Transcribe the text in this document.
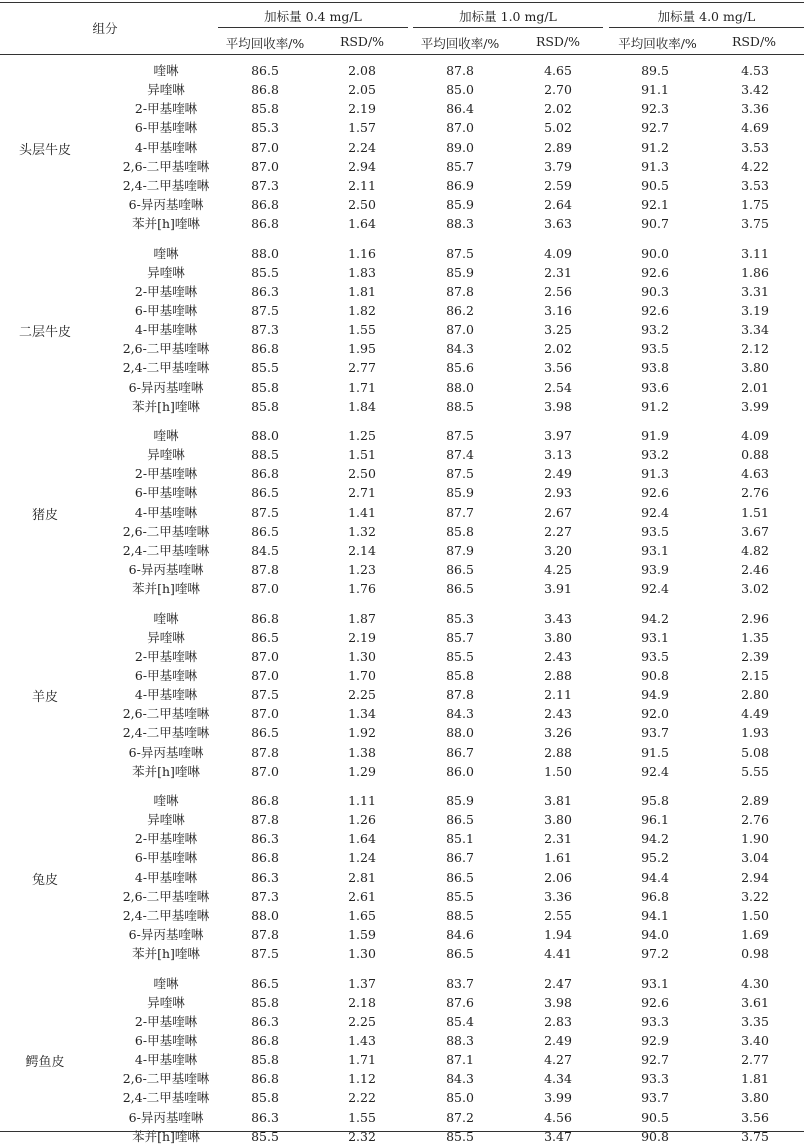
组分
加标量 0.4 mg/L	加标量 1.0 mg/L	加标量 4.0 mg/L
平均回收率/%	RSD/%	平均回收率/%	RSD/%	平均回收率/%	RSD/%
头层牛皮
喹啉	86.5	2.08	87.8	4.65	89.5	4.53
异喹啉	86.8	2.05	85.0	2.70	91.1	3.42
2-甲基喹啉	85.8	2.19	86.4	2.02	92.3	3.36
6-甲基喹啉	85.3	1.57	87.0	5.02	92.7	4.69
4-甲基喹啉	87.0	2.24	89.0	2.89	91.2	3.53
2,6-二甲基喹啉	87.0	2.94	85.7	3.79	91.3	4.22
2,4-二甲基喹啉	87.3	2.11	86.9	2.59	90.5	3.53
6-异丙基喹啉	86.8	2.50	85.9	2.64	92.1	1.75
苯并[h]喹啉	86.8	1.64	88.3	3.63	90.7	3.75
二层牛皮
喹啉	88.0	1.16	87.5	4.09	90.0	3.11
异喹啉	85.5	1.83	85.9	2.31	92.6	1.86
2-甲基喹啉	86.3	1.81	87.8	2.56	90.3	3.31
6-甲基喹啉	87.5	1.82	86.2	3.16	92.6	3.19
4-甲基喹啉	87.3	1.55	87.0	3.25	93.2	3.34
2,6-二甲基喹啉	86.8	1.95	84.3	2.02	93.5	2.12
2,4-二甲基喹啉	85.5	2.77	85.6	3.56	93.8	3.80
6-异丙基喹啉	85.8	1.71	88.0	2.54	93.6	2.01
苯并[h]喹啉	85.8	1.84	88.5	3.98	91.2	3.99
猪皮
喹啉	88.0	1.25	87.5	3.97	91.9	4.09
异喹啉	88.5	1.51	87.4	3.13	93.2	0.88
2-甲基喹啉	86.8	2.50	87.5	2.49	91.3	4.63
6-甲基喹啉	86.5	2.71	85.9	2.93	92.6	2.76
4-甲基喹啉	87.5	1.41	87.7	2.67	92.4	1.51
2,6-二甲基喹啉	86.5	1.32	85.8	2.27	93.5	3.67
2,4-二甲基喹啉	84.5	2.14	87.9	3.20	93.1	4.82
6-异丙基喹啉	87.8	1.23	86.5	4.25	93.9	2.46
苯并[h]喹啉	87.0	1.76	86.5	3.91	92.4	3.02
羊皮
喹啉	86.8	1.87	85.3	3.43	94.2	2.96
异喹啉	86.5	2.19	85.7	3.80	93.1	1.35
2-甲基喹啉	87.0	1.30	85.5	2.43	93.5	2.39
6-甲基喹啉	87.0	1.70	85.8	2.88	90.8	2.15
4-甲基喹啉	87.5	2.25	87.8	2.11	94.9	2.80
2,6-二甲基喹啉	87.0	1.34	84.3	2.43	92.0	4.49
2,4-二甲基喹啉	86.5	1.92	88.0	3.26	93.7	1.93
6-异丙基喹啉	87.8	1.38	86.7	2.88	91.5	5.08
苯并[h]喹啉	87.0	1.29	86.0	1.50	92.4	5.55
兔皮
喹啉	86.8	1.11	85.9	3.81	95.8	2.89
异喹啉	87.8	1.26	86.5	3.80	96.1	2.76
2-甲基喹啉	86.3	1.64	85.1	2.31	94.2	1.90
6-甲基喹啉	86.8	1.24	86.7	1.61	95.2	3.04
4-甲基喹啉	86.3	2.81	86.5	2.06	94.4	2.94
2,6-二甲基喹啉	87.3	2.61	85.5	3.36	96.8	3.22
2,4-二甲基喹啉	88.0	1.65	88.5	2.55	94.1	1.50
6-异丙基喹啉	87.8	1.59	84.6	1.94	94.0	1.69
苯并[h]喹啉	87.5	1.30	86.5	4.41	97.2	0.98
鳄鱼皮
喹啉	86.5	1.37	83.7	2.47	93.1	4.30
异喹啉	85.8	2.18	87.6	3.98	92.6	3.61
2-甲基喹啉	86.3	2.25	85.4	2.83	93.3	3.35
6-甲基喹啉	86.8	1.43	88.3	2.49	92.9	3.40
4-甲基喹啉	85.8	1.71	87.1	4.27	92.7	2.77
2,6-二甲基喹啉	86.8	1.12	84.3	4.34	93.3	1.81
2,4-二甲基喹啉	85.8	2.22	85.0	3.99	93.7	3.80
6-异丙基喹啉	86.3	1.55	87.2	4.56	90.5	3.56
苯并[h]喹啉	85.5	2.32	85.5	3.47	90.8	3.75
